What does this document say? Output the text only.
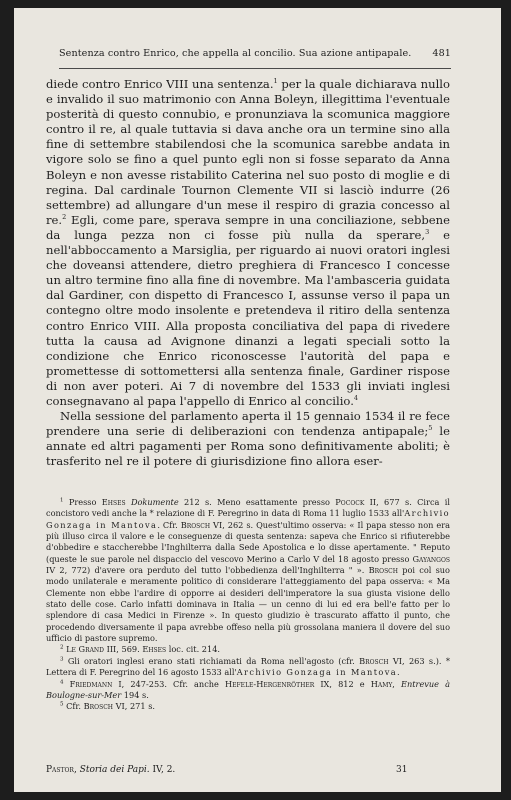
Sentenza contro Enrico, che appella al concilio. Sua azione antipapale. 481

diede contro Enrico VIII una sentenza.$^1$ per la quale dichiarava nullo e invalido il suo matrimonio con Anna Boleyn, illegittima l'eventuale posterità di questo connubio, e pronunziava la scomunica maggiore contro il re, al quale tuttavia si dava anche ora un termine sino alla fine di settembre stabilendosi che la scomunica sarebbe andata in vigore solo se fino a quel punto egli non si fosse separato da Anna Boleyn e non avesse ristabilito Caterina nel suo posto di moglie e di regina. Dal cardinale Tournon Clemente VII si lasciò indurre (26 settembre) ad allungare d'un mese il respiro di grazia concesso al re.$^2$ Egli, come pare, sperava sempre in una conciliazione, sebbene da lunga pezza non ci fosse più nulla da sperare,$^3$ e nell'abboccamento a Marsiglia, per riguardo ai nuovi oratori inglesi che doveansi attendere, dietro preghiera di Francesco I concesse un altro termine fino alla fine di novembre. Ma l'ambasceria guidata dal Gardiner, con dispetto di Francesco I, assunse verso il papa un contegno oltre modo insolente e pretendeva il ritiro della sentenza contro Enrico VIII. Alla proposta conciliativa del papa di rivedere tutta la causa ad Avignone dinanzi a legati speciali sotto la condizione che Enrico riconoscesse l'autorità del papa e promettesse di sottomettersi alla sentenza finale, Gardiner rispose di non aver poteri. Ai 7 di novembre del 1533 gli inviati inglesi consegnavano al papa l'appello di Enrico al concilio.$^4$

Nella sessione del parlamento aperta il 15 gennaio 1534 il re fece prendere una serie di deliberazioni con tendenza antipapale;$^5$ le annate ed altri pagamenti per Roma sono definitivamente aboliti; è trasferito nel re il potere di giurisdizione fino allora eser-

$^1$ Presso Ehses Dokumente 212 s. Meno esattamente presso Pocock II, 677 s. Circa il concistoro vedi anche la * relazione di F. Peregrino in data di Roma 11 luglio 1533 all'Archivio Gonzaga in Mantova. Cfr. Brosch VI, 262 s. Quest'ultimo osserva: « Il papa stesso non era più illuso circa il valore e le conseguenze di questa sentenza: sapeva che Enrico si rifiuterebbe d'obbedire e staccherebbe l'Inghilterra dalla Sede Apostolica e lo disse apertamente. " Reputo (queste le sue parole nel dispaccio del vescovo Merino a Carlo V del 18 agosto presso Gayangos IV 2, 772) d'avere ora perduto del tutto l'obbedienza dell'Inghilterra " ». Brosch poi col suo modo unilaterale e meramente politico di considerare l'atteggiamento del papa osserva: « Ma Clemente non ebbe l'ardire di opporre ai desideri dell'imperatore la sua giusta visione dello stato delle cose. Carlo infatti dominava in Italia — un cenno di lui ed era bell'e fatto per lo splendore di casa Medici in Firenze ». In questo giudizio è trascurato affatto il punto, che procedendo diversamente il papa avrebbe offeso nella più grossolana maniera il dovere del suo ufficio di pastore supremo.

$^2$ Le Grand III, 569. Ehses loc. cit. 214.

$^3$ Gli oratori inglesi erano stati richiamati da Roma nell'agosto (cfr. Brosch VI, 263 s.). * Lettera di F. Peregrino del 16 agosto 1533 all'Archivio Gonzaga in Mantova.

$^4$ Friedmann I, 247-253. Cfr. anche Hefele-Hergenröther IX, 812 e Hamy, Entrevue à Boulogne-sur-Mer 194 s.

$^5$ Cfr. Brosch VI, 271 s.

Pastor, Storia dei Papi. IV, 2.	31
